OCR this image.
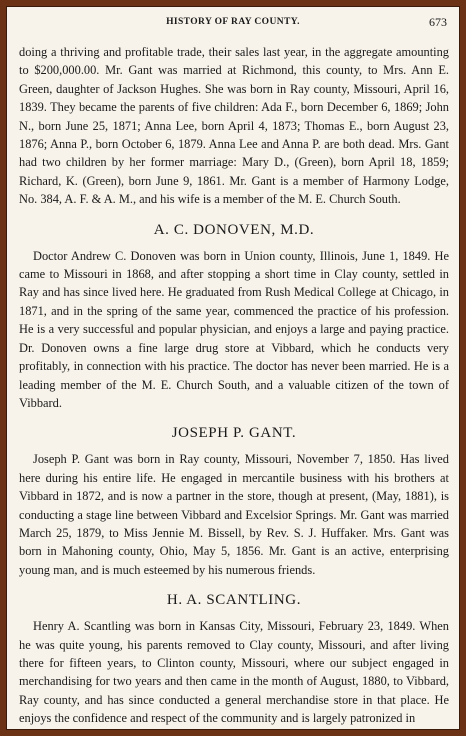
HISTORY OF RAY COUNTY.	673

doing a thriving and profitable trade, their sales last year, in the aggregate amounting to $200,000.00. Mr. Gant was married at Richmond, this county, to Mrs. Ann E. Green, daughter of Jackson Hughes. She was born in Ray county, Missouri, April 16, 1839. They became the parents of five children: Ada F., born December 6, 1869; John N., born June 25, 1871; Anna Lee, born April 4, 1873; Thomas E., born August 23, 1876; Anna P., born October 6, 1879. Anna Lee and Anna P. are both dead. Mrs. Gant had two children by her former marriage: Mary D., (Green), born April 18, 1859; Richard, K. (Green), born June 9, 1861. Mr. Gant is a member of Harmony Lodge, No. 384, A. F. & A. M., and his wife is a member of the M. E. Church South.

A. C. DONOVEN, M.D.

Doctor Andrew C. Donoven was born in Union county, Illinois, June 1, 1849. He came to Missouri in 1868, and after stopping a short time in Clay county, settled in Ray and has since lived here. He graduated from Rush Medical College at Chicago, in 1871, and in the spring of the same year, commenced the practice of his profession. He is a very successful and popular physician, and enjoys a large and paying practice. Dr. Donoven owns a fine large drug store at Vibbard, which he conducts very profitably, in connection with his practice. The doctor has never been married. He is a leading member of the M. E. Church South, and a valuable citizen of the town of Vibbard.

JOSEPH P. GANT.

Joseph P. Gant was born in Ray county, Missouri, November 7, 1850. Has lived here during his entire life. He engaged in mercantile business with his brothers at Vibbard in 1872, and is now a partner in the store, though at present, (May, 1881), is conducting a stage line between Vibbard and Excelsior Springs. Mr. Gant was married March 25, 1879, to Miss Jennie M. Bissell, by Rev. S. J. Huffaker. Mrs. Gant was born in Mahoning county, Ohio, May 5, 1856. Mr. Gant is an active, enterprising young man, and is much esteemed by his numerous friends.

H. A. SCANTLING.

Henry A. Scantling was born in Kansas City, Missouri, February 23, 1849. When he was quite young, his parents removed to Clay county, Missouri, and after living there for fifteen years, to Clinton county, Missouri, where our subject engaged in merchandising for two years and then came in the month of August, 1880, to Vibbard, Ray county, and has since conducted a general merchandise store in that place. He enjoys the confidence and respect of the community and is largely patronized in
